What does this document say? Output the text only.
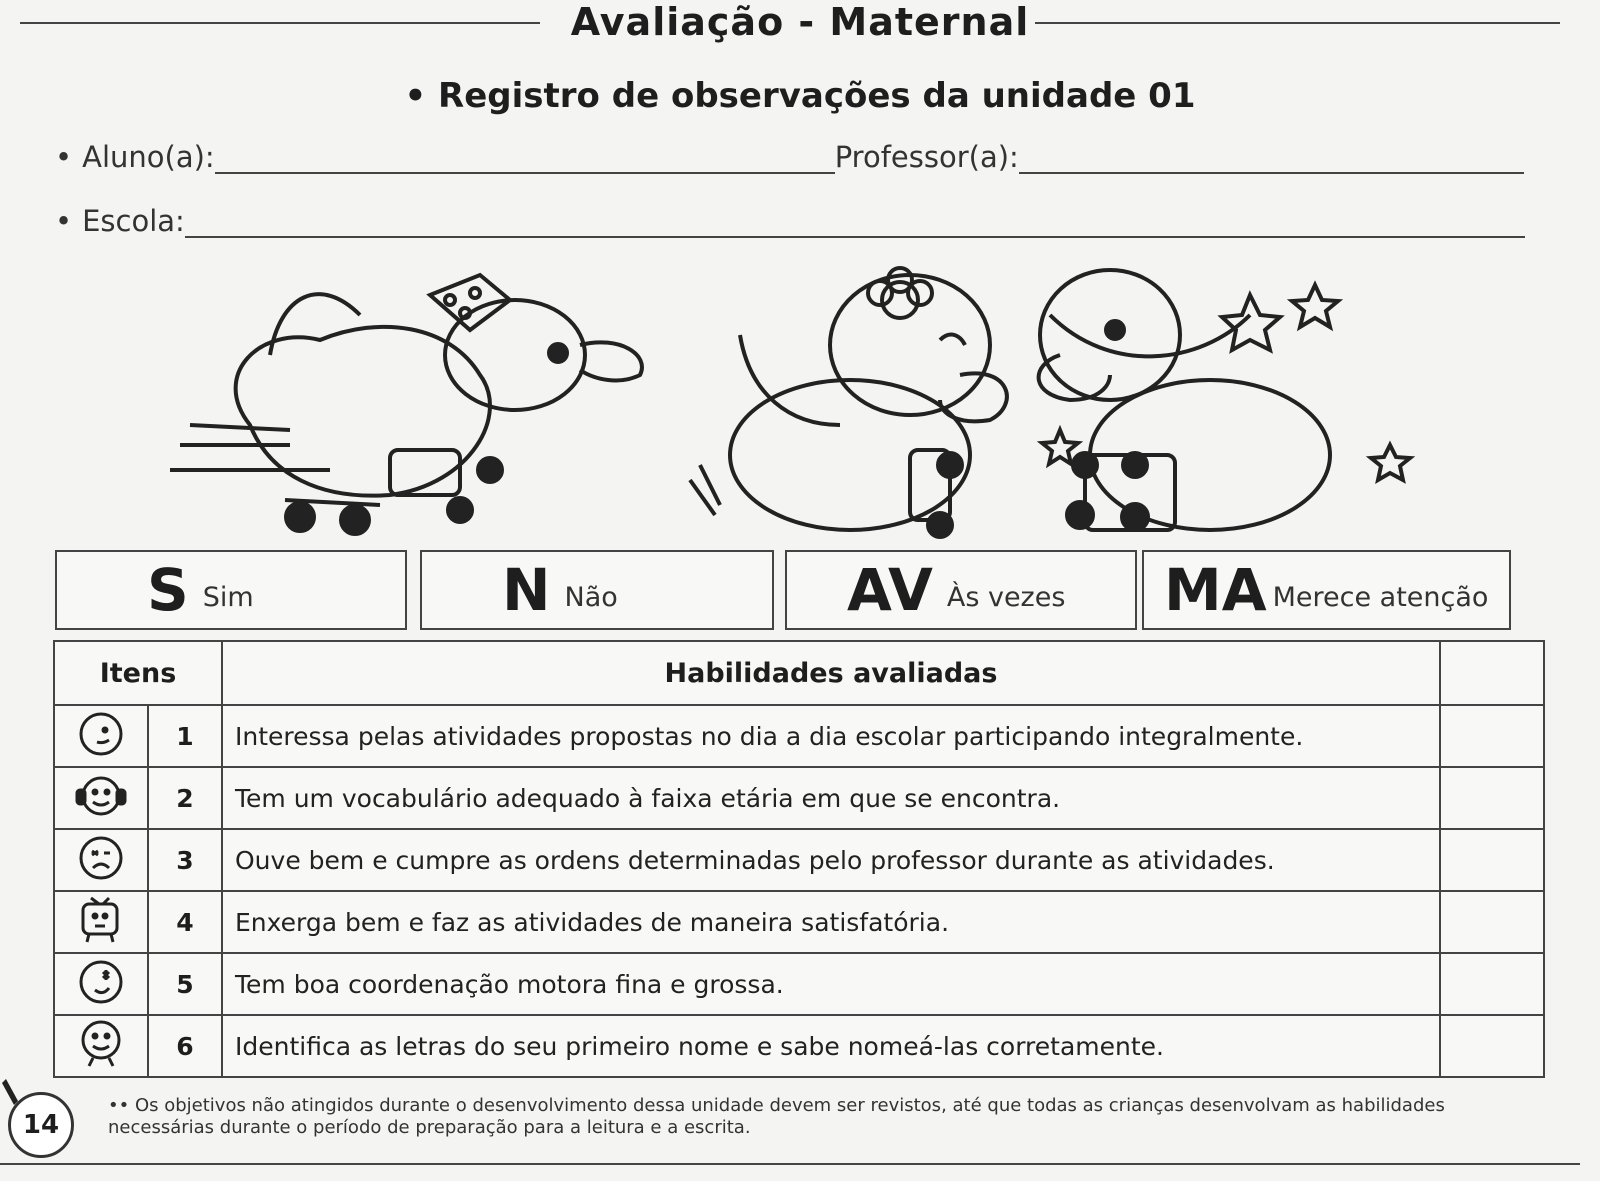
Avaliação - Maternal
• Registro de observações da unidade 01
• Aluno(a):	Professor(a):
• Escola:
S Sim	N Não	AV Às vezes MA Merece atenção
Itens		Habilidades avaliadas	
	1	Interessa pelas atividades propostas no dia a dia escolar participando integralmente.	
	2	Tem um vocabulário adequado à faixa etária em que se encontra.	
	3	Ouve bem e cumpre as ordens determinadas pelo professor durante as atividades.	
	4	Enxerga bem e faz as atividades de maneira satisfatória.	
	5	Tem boa coordenação motora fina e grossa.	
	6	Identifica as letras do seu primeiro nome e sabe nomeá-las corretamente.	
14
•• Os objetivos não atingidos durante o desenvolvimento dessa unidade devem ser revistos, até que todas as crianças desenvolvam as habilidades necessárias durante o período de preparação para a leitura e a escrita.
